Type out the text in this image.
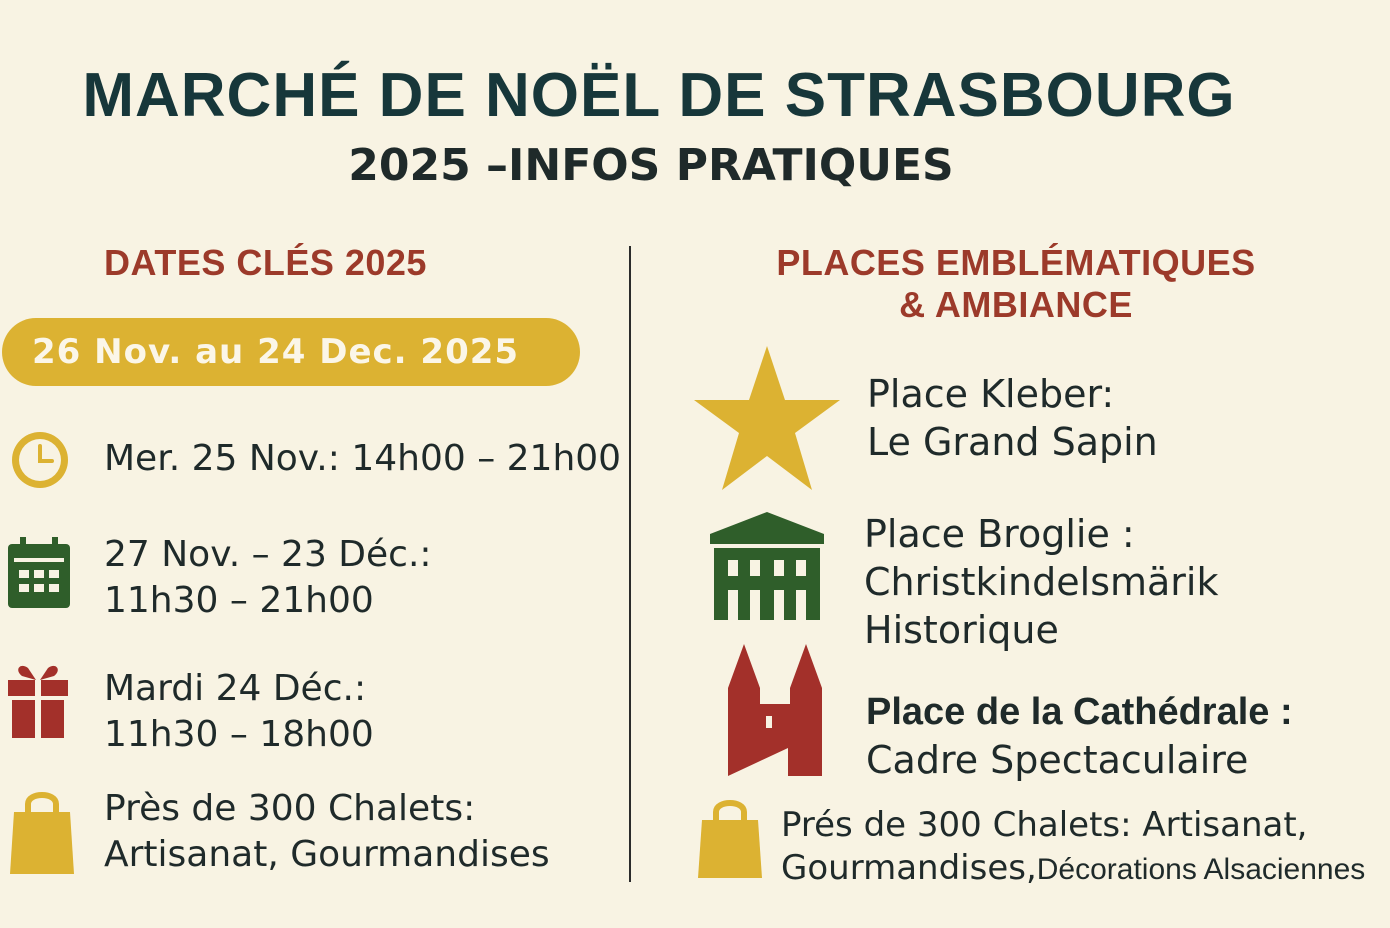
MARCHÉ DE NOËL DE STRASBOURG
2025 –INFOS PRATIQUES
DATES CLÉS 2025	PLACES EMBLÉMATIQUES
& AMBIANCE
26 Nov. au 24 Dec. 2025
Mer. 25 Nov.: 14h00 – 21h00
27 Nov. – 23 Déc.:
11h30 – 21h00
Mardi 24 Déc.:
11h30 – 18h00
Près de 300 Chalets:
Artisanat, Gourmandises
Place Kleber:
Le Grand Sapin
Place Broglie :
Christkindelsmärik
Historique
Place de la Cathédrale :
Cadre Spectaculaire
Prés de 300 Chalets: Artisanat,
Gourmandises,Décorations Alsaciennes
